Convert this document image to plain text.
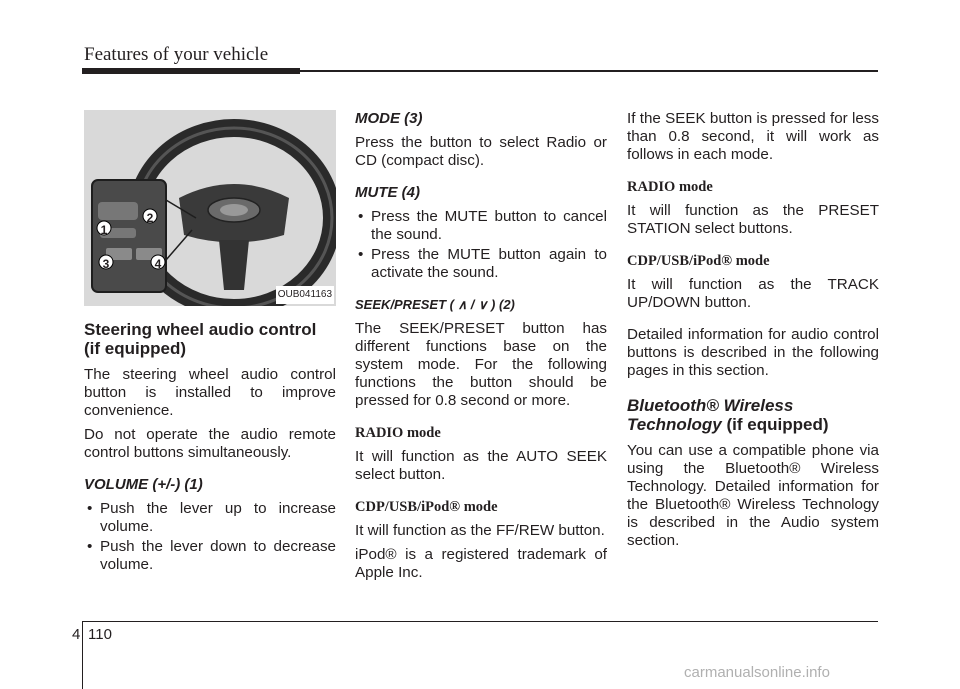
Features of your vehicle
1
2
3	4
OUB041163
Steering wheel audio control (if equipped)

The steering wheel audio control button is installed to improve convenience.

Do not operate the audio remote control buttons simultaneously.

VOLUME (+/-) (1)
• Push the lever up to increase volume.
• Push the lever down to decrease volume.
MODE (3)

Press the button to select Radio or CD (compact disc).

MUTE (4)
• Press the MUTE button to cancel the sound.
• Press the MUTE button again to activate the sound.
SEEK/PRESET ( ∧ / ∨ ) (2)

The SEEK/PRESET button has different functions base on the system mode. For the following functions the button should be pressed for 0.8 second or more.

RADIO mode

It will function as the AUTO SEEK select button.

CDP/USB/iPod® mode

It will function as the FF/REW button.

iPod® is a registered trademark of Apple Inc.

If the SEEK button is pressed for less than 0.8 second, it will work as follows in each mode.

RADIO mode

It will function as the PRESET STATION select buttons.

CDP/USB/iPod® mode

It will function as the TRACK UP/DOWN button.

Detailed information for audio control buttons is described in the following pages in this section.

Bluetooth® Wireless Technology (if equipped)

You can use a compatible phone via using the Bluetooth® Wireless Technology. Detailed information for the Bluetooth® Wireless Technology is described in the Audio system section.

4 110
carmanualsonline.info
